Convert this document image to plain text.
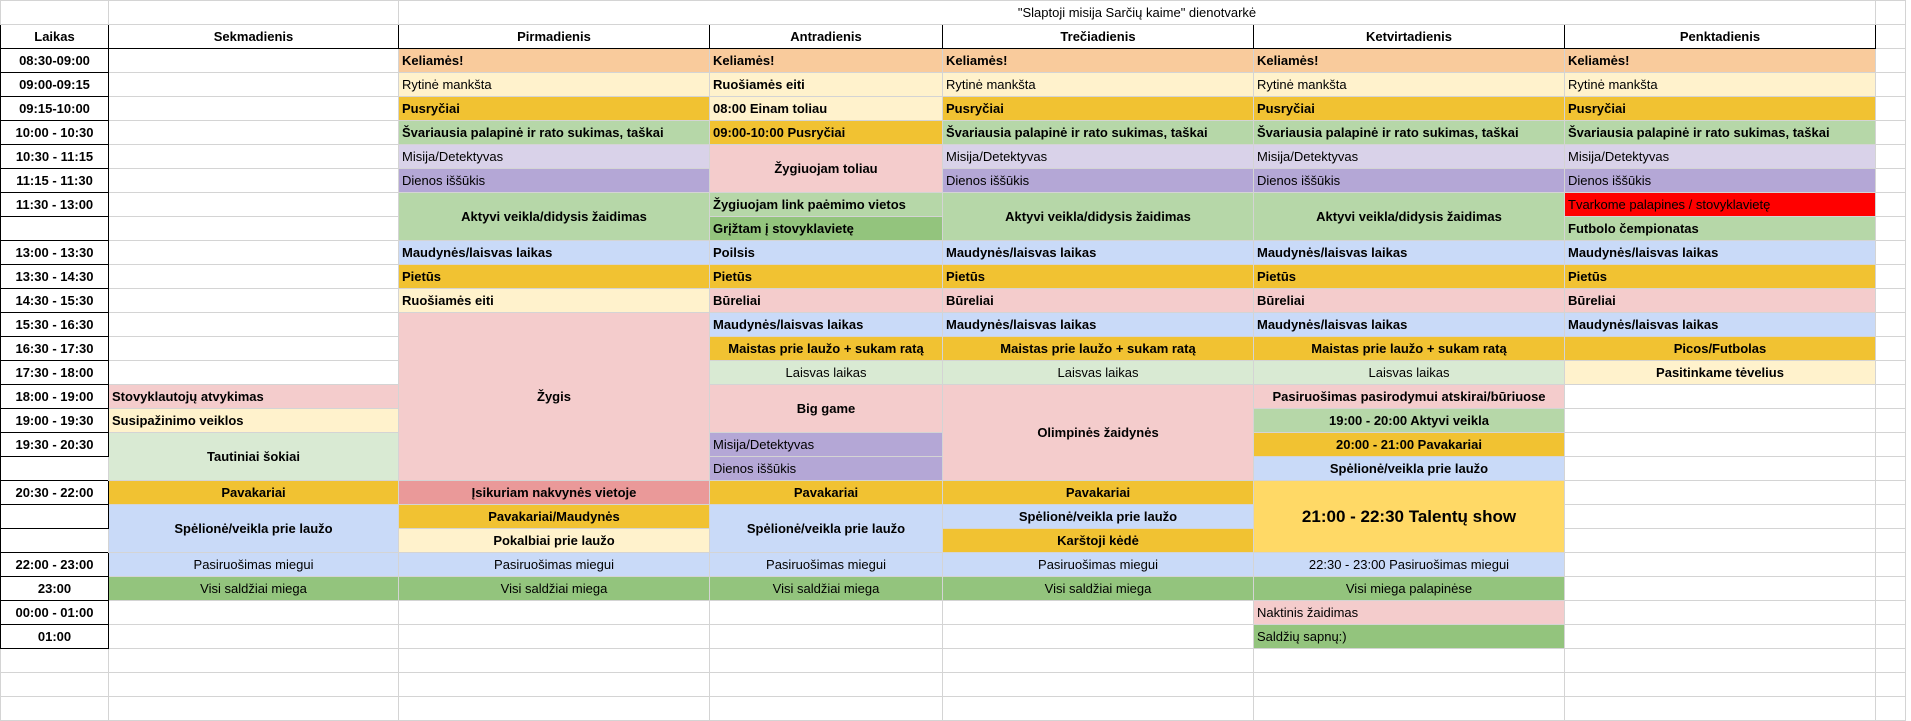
		"Slaptoji misija Sarčių kaime" dienotvarkė					
Laikas	Sekmadienis	Pirmadienis	Antradienis	Trečiadienis	Ketvirtadienis	Penktadienis	
08:30-09:00		Keliamės!	Keliamės!	Keliamės!	Keliamės!	Keliamės!	
09:00-09:15		Rytinė mankšta	Ruošiamės eiti	Rytinė mankšta	Rytinė mankšta	Rytinė mankšta	
09:15-10:00		Pusryčiai	08:00 Einam toliau	Pusryčiai	Pusryčiai	Pusryčiai	
10:00 - 10:30		Švariausia palapinė ir rato sukimas, taškai	09:00-10:00 Pusryčiai	Švariausia palapinė ir rato sukimas, taškai	Švariausia palapinė ir rato sukimas, taškai	Švariausia palapinė ir rato sukimas, taškai	
10:30 - 11:15		Misija/Detektyvas	Žygiuojam toliau	Misija/Detektyvas	Misija/Detektyvas	Misija/Detektyvas	
11:15 - 11:30		Dienos iššūkis		Dienos iššūkis	Dienos iššūkis	Dienos iššūkis	
11:30 - 13:00		Aktyvi veikla/didysis žaidimas	Žygiuojam link paėmimo vietos	Aktyvi veikla/didysis žaidimas	Aktyvi veikla/didysis žaidimas	Tvarkome palapines / stovyklavietę	
			Grįžtam į stovyklavietę			Futbolo čempionatas	
13:00 - 13:30		Maudynės/laisvas laikas	Poilsis	Maudynės/laisvas laikas	Maudynės/laisvas laikas	Maudynės/laisvas laikas	
13:30 - 14:30		Pietūs	Pietūs	Pietūs	Pietūs	Pietūs	
14:30 - 15:30		Ruošiamės eiti	Būreliai	Būreliai	Būreliai	Būreliai	
15:30 - 16:30		Žygis	Maudynės/laisvas laikas	Maudynės/laisvas laikas	Maudynės/laisvas laikas	Maudynės/laisvas laikas	
16:30 - 17:30			Maistas prie laužo + sukam ratą	Maistas prie laužo + sukam ratą	Maistas prie laužo + sukam ratą	Picos/Futbolas	
17:30 - 18:00			Laisvas laikas	Laisvas laikas	Laisvas laikas	Pasitinkame tėvelius	
18:00 - 19:00	Stovyklautojų atvykimas		Big game	Olimpinės žaidynės	Pasiruošimas pasirodymui atskirai/būriuose		
19:00 - 19:30	Susipažinimo veiklos				19:00 - 20:00 Aktyvi veikla		
19:30 - 20:30	Tautiniai šokiai		Misija/Detektyvas		20:00 - 21:00 Pavakariai		
			Dienos iššūkis		Spėlionė/veikla prie laužo		
20:30 - 22:00	Pavakariai	Įsikuriam nakvynės vietoje	Pavakariai	Pavakariai	21:00 - 22:30 Talentų show		
	Spėlionė/veikla prie laužo	Pavakariai/Maudynės	Spėlionė/veikla prie laužo	Spėlionė/veikla prie laužo			
		Pokalbiai prie laužo		Karštoji kėdė			
22:00 - 23:00	Pasiruošimas miegui	Pasiruošimas miegui	Pasiruošimas miegui	Pasiruošimas miegui	22:30 - 23:00 Pasiruošimas miegui		
23:00	Visi saldžiai miega	Visi saldžiai miega	Visi saldžiai miega	Visi saldžiai miega	Visi miega palapinėse		
00:00 - 01:00					Naktinis žaidimas		
01:00					Saldžių sapnų:)		
